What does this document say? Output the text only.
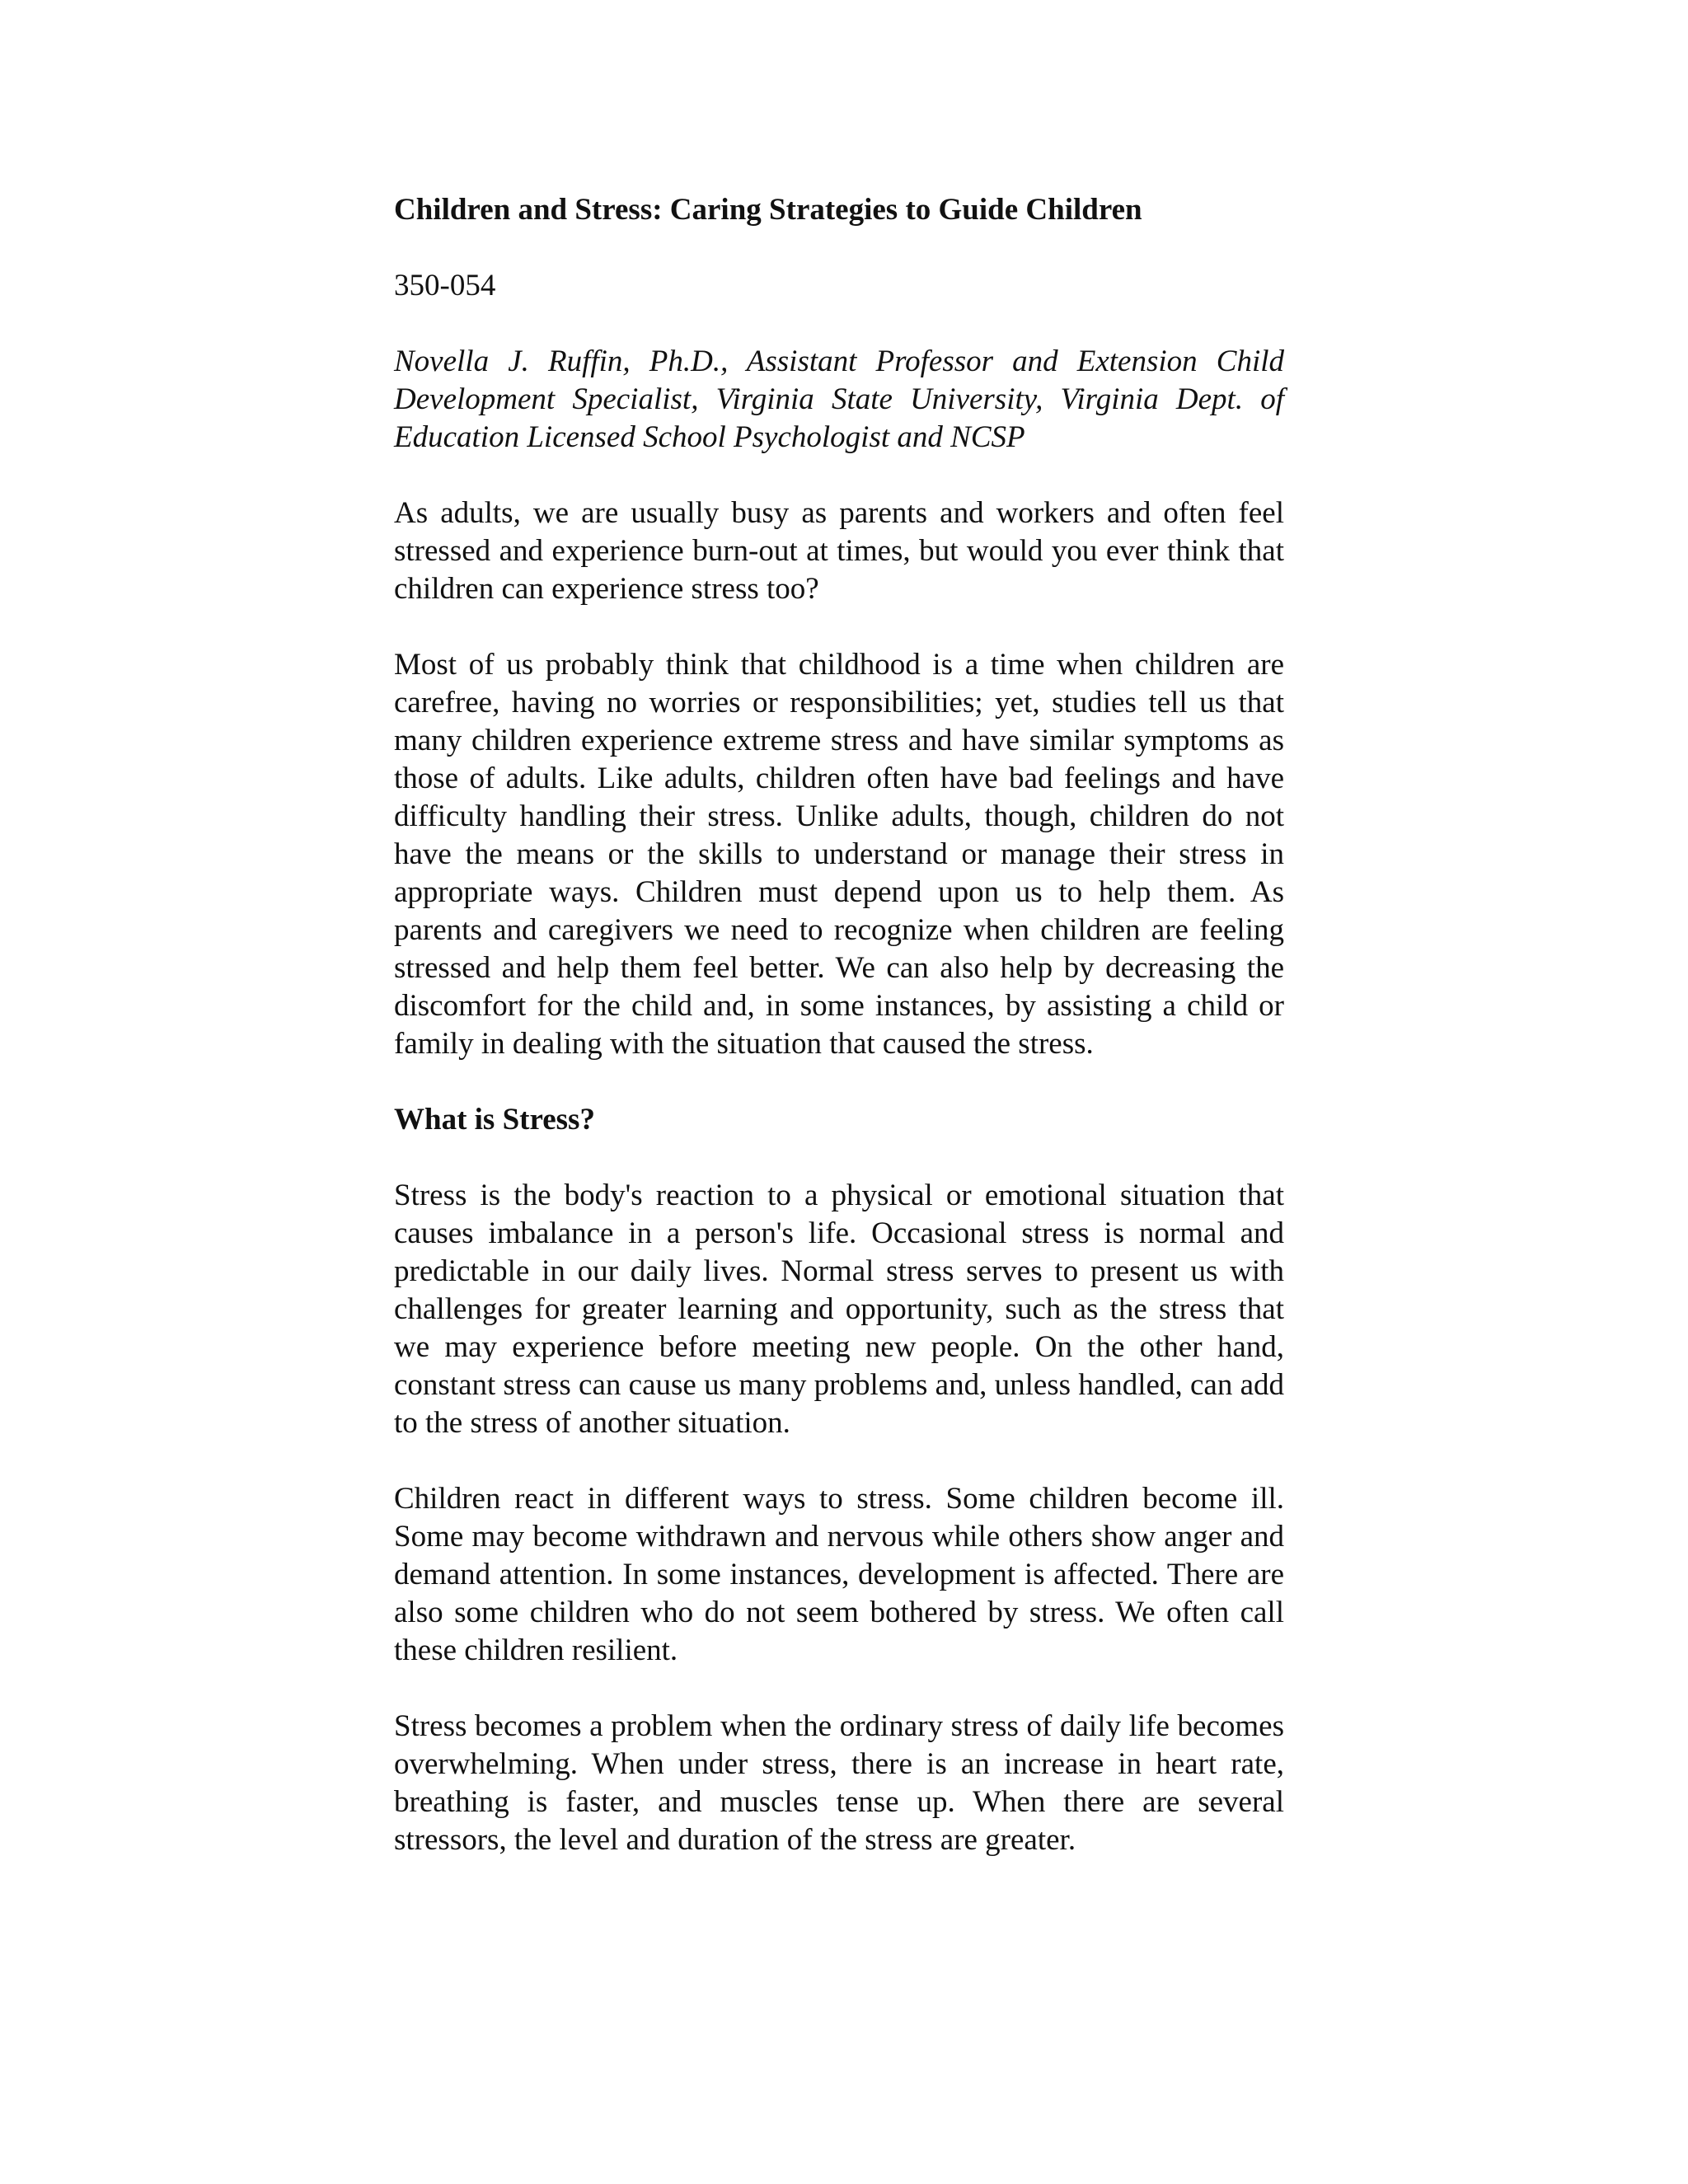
Children and Stress: Caring Strategies to Guide Children
350-054
Novella J. Ruffin, Ph.D., Assistant Professor and Extension Child Development Specialist, Virginia State University, Virginia Dept. of Education Licensed School Psychologist and NCSP
As adults, we are usually busy as parents and workers and often feel stressed and experience burn-out at times, but would you ever think that children can experience stress too?
Most of us probably think that childhood is a time when children are carefree, having no worries or responsibilities; yet, studies tell us that many children experience extreme stress and have similar symptoms as those of adults. Like adults, children often have bad feelings and have difficulty handling their stress. Unlike adults, though, children do not have the means or the skills to understand or manage their stress in appropriate ways. Children must depend upon us to help them. As parents and caregivers we need to recognize when children are feeling stressed and help them feel better. We can also help by decreasing the discomfort for the child and, in some instances, by assisting a child or family in dealing with the situation that caused the stress.
What is Stress?
Stress is the body's reaction to a physical or emotional situation that causes imbalance in a person's life. Occasional stress is normal and predictable in our daily lives. Normal stress serves to present us with challenges for greater learning and opportunity, such as the stress that we may experience before meeting new people. On the other hand, constant stress can cause us many problems and, unless handled, can add to the stress of another situation.
Children react in different ways to stress. Some children become ill. Some may become withdrawn and nervous while others show anger and demand attention. In some instances, development is affected. There are also some children who do not seem bothered by stress. We often call these children resilient.
Stress becomes a problem when the ordinary stress of daily life becomes overwhelming. When under stress, there is an increase in heart rate, breathing is faster, and muscles tense up. When there are several stressors, the level and duration of the stress are greater.
